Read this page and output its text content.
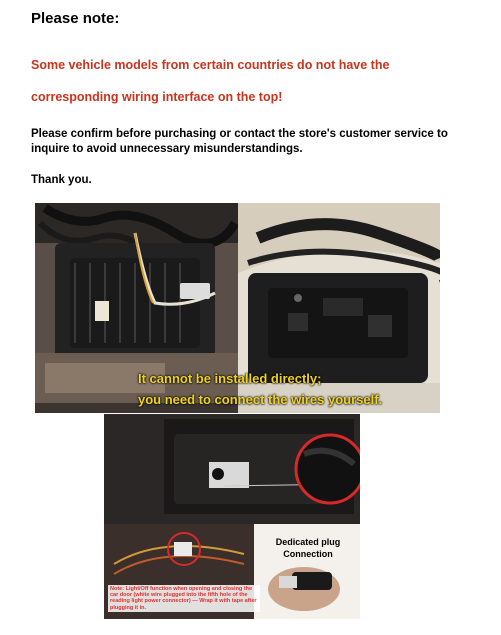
Please note:
Some vehicle models from certain countries do not have the
corresponding wiring interface on the top!
Please confirm before purchasing or contact the store's customer service to inquire to avoid unnecessary misunderstandings.
Thank you.
It cannot be installed directly;
you need to connect the wires yourself.
Dedicated plug
Connection
Note: Light/Off function when opening and closing the car door (white wire plugged into the fifth hole of the reading light power connector) — Wrap it with tape after plugging it in.
